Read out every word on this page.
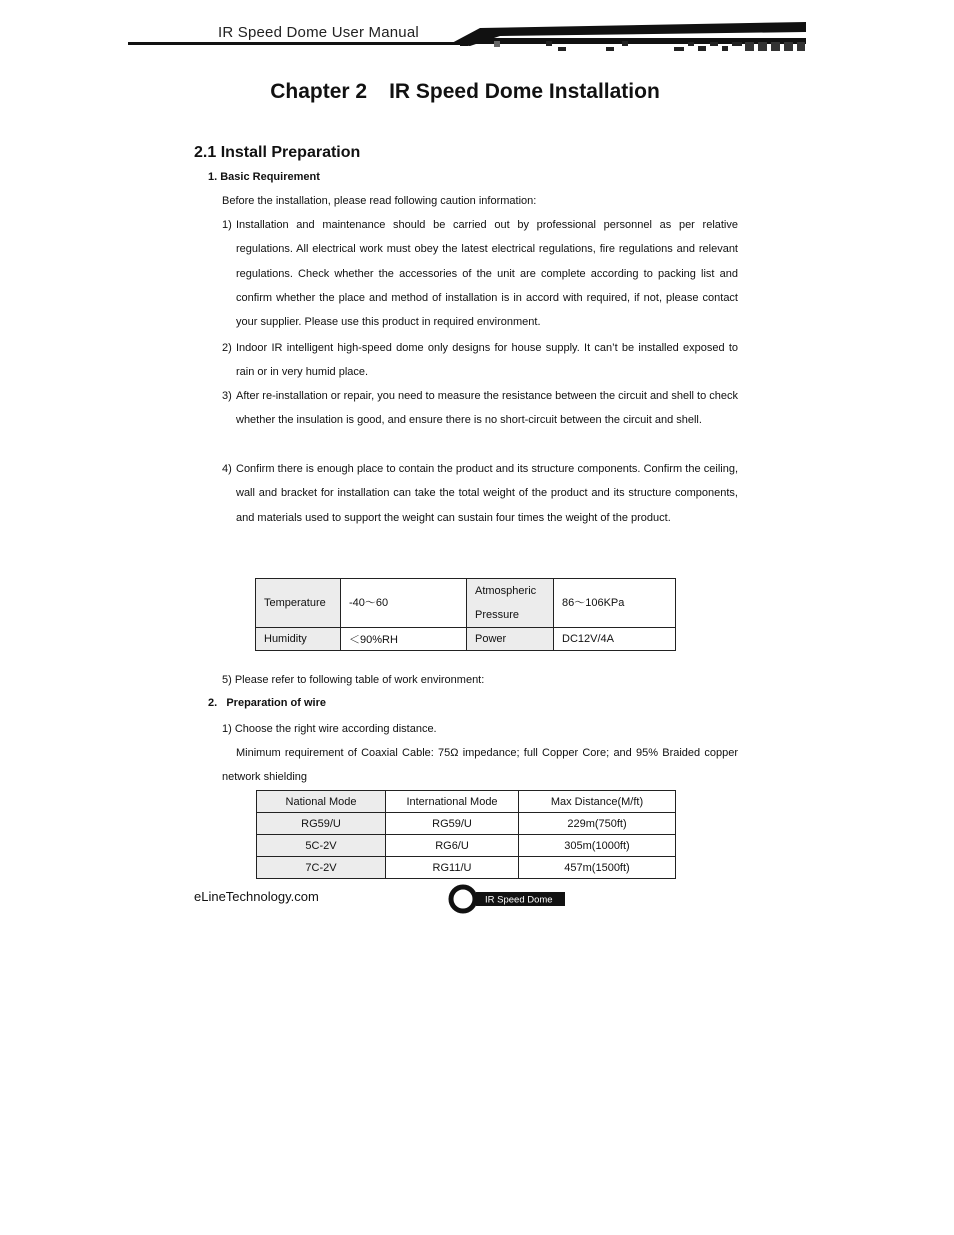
IR Speed Dome User Manual
Chapter 2 IR Speed Dome Installation
2.1 Install Preparation
1. Basic Requirement
Before the installation, please read following caution information:
1) Installation and maintenance should be carried out by professional personnel as per relative regulations. All electrical work must obey the latest electrical regulations, fire regulations and relevant regulations. Check whether the accessories of the unit are complete according to packing list and confirm whether the place and method of installation is in accord with required, if not, please contact your supplier. Please use this product in required environment.
2) Indoor IR intelligent high-speed dome only designs for house supply. It can’t be installed exposed to rain or in very humid place.
3) After re-installation or repair, you need to measure the resistance between the circuit and shell to check whether the insulation is good, and ensure there is no short-circuit between the circuit and shell.
4) Confirm there is enough place to contain the product and its structure components. Confirm the ceiling, wall and bracket for installation can take the total weight of the product and its structure components, and materials used to support the weight can sustain four times the weight of the product.
Temperature	-40～60	Atmospheric Pressure	86～106KPa
Humidity	＜90%RH	Power	DC12V/4A
5) Please refer to following table of work environment:
2.   Preparation of wire
1) Choose the right wire according distance.
Minimum requirement of Coaxial Cable: 75Ω impedance; full Copper Core; and 95% Braided copper network shielding
National Mode	International Mode	Max Distance(M/ft)
RG59/U	RG59/U	229m(750ft)
5C-2V	RG6/U	305m(1000ft)
7C-2V	RG11/U	457m(1500ft)
eLineTechnology.com	IR Speed Dome
